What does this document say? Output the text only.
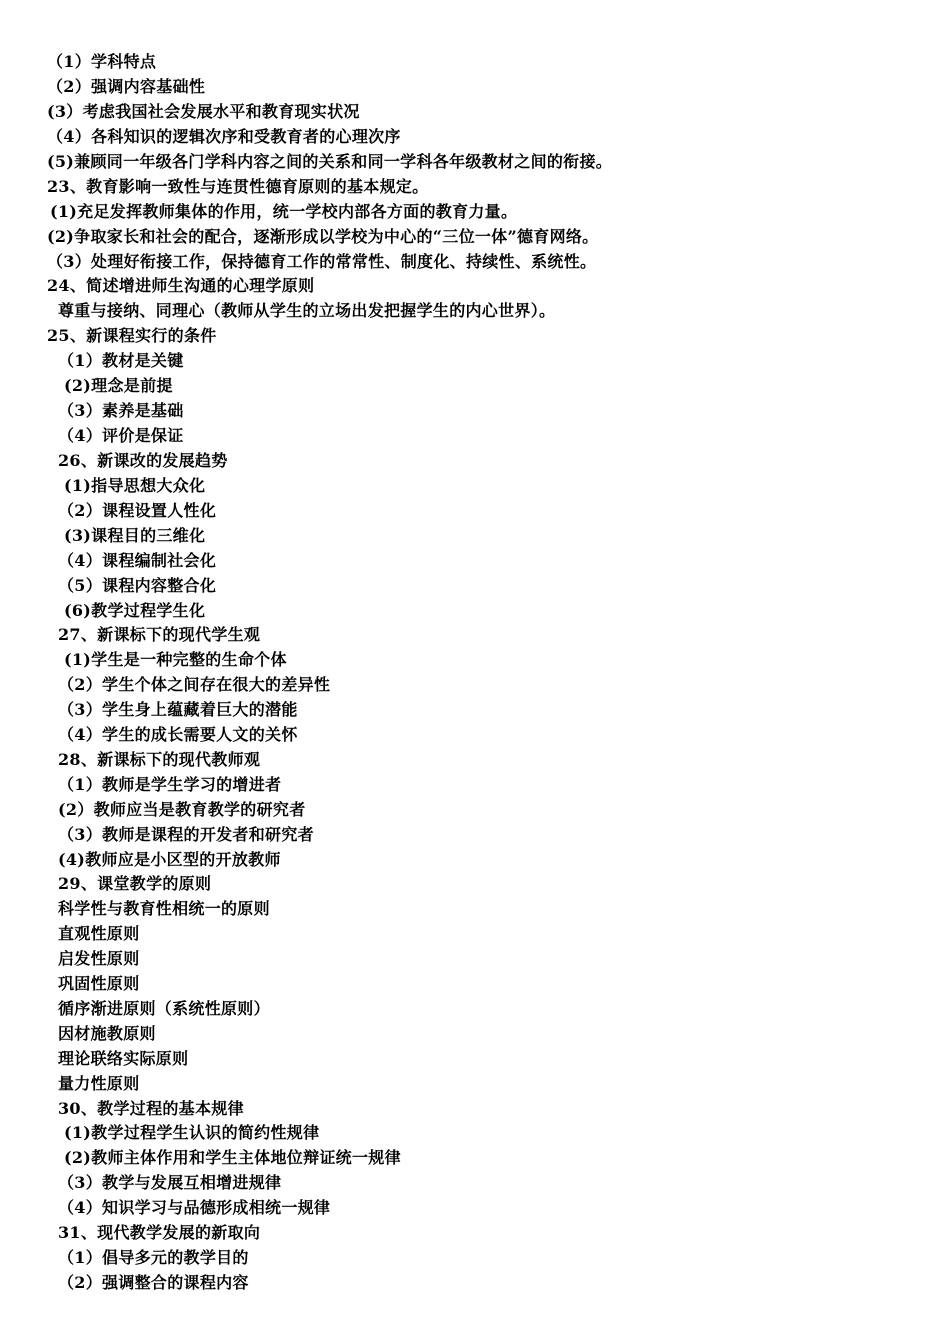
（1）学科特点
（2）强调内容基础性
(3）考虑我国社会发展水平和教育现实状况
（4）各科知识的逻辑次序和受教育者的心理次序
(5)兼顾同一年级各门学科内容之间的关系和同一学科各年级教材之间的衔接。
23、教育影响一致性与连贯性德育原则的基本规定。
(1)充足发挥教师集体的作用，统一学校内部各方面的教育力量。
(2)争取家长和社会的配合，逐渐形成以学校为中心的“三位一体”德育网络。
（3）处理好衔接工作，保持德育工作的常常性、制度化、持续性、系统性。
24、简述增进师生沟通的心理学原则
尊重与接纳、同理心（教师从学生的立场出发把握学生的内心世界）。
25、新课程实行的条件
（1）教材是关键
(2)理念是前提
（3）素养是基础
（4）评价是保证
26、新课改的发展趋势
(1)指导思想大众化
（2）课程设置人性化
(3)课程目的三维化
（4）课程编制社会化
（5）课程内容整合化
(6)教学过程学生化
27、新课标下的现代学生观
(1)学生是一种完整的生命个体
（2）学生个体之间存在很大的差异性
（3）学生身上蕴藏着巨大的潜能
（4）学生的成长需要人文的关怀
28、新课标下的现代教师观
（1）教师是学生学习的增进者
(2）教师应当是教育教学的研究者
（3）教师是课程的开发者和研究者
(4)教师应是小区型的开放教师
29、课堂教学的原则
科学性与教育性相统一的原则
直观性原则
启发性原则
巩固性原则
循序渐进原则（系统性原则）
因材施教原则
理论联络实际原则
量力性原则
30、教学过程的基本规律
(1)教学过程学生认识的简约性规律
(2)教师主体作用和学生主体地位辩证统一规律
（3）教学与发展互相增进规律
（4）知识学习与品德形成相统一规律
31、现代教学发展的新取向
（1）倡导多元的教学目的
（2）强调整合的课程内容
